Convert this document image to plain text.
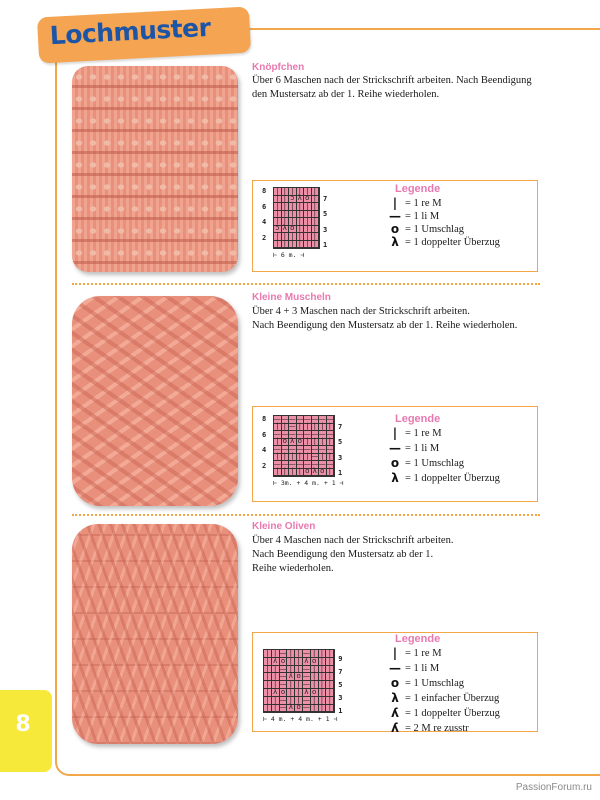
Lochmuster
8
Knöpfchen
Über 6 Maschen nach der Strickschrift arbeiten. Nach Beendigung
den Mustersatz ab der 1. Reihe wiederholen.
| | | | | |
| | ɔ λ o |
| | | | | |
| | | | | |
| | | | | |
ɔ λ o | | |
| | | | | |
| | | | | |
7
5
3
1
8
6
4
2
⊢ 6 m. ⊣
Legende
| = 1 re M
— = 1 li M
o = 1 Umschlag
λ = 1 doppelter Überzug
Kleine Muscheln
Über 4 + 3 Maschen nach der Strickschrift arbeiten.
Nach Beendigung den Mustersatz ab der 1. Reihe wiederholen.
— — — — — — — —
| | — | | | | |
— — — — — — — —
| o λ o | | | |
— — — — — — — —
| | | | | — | |
— — — — — — — —
| | | | o λ o |
7
5
3
1
8
6
4
2
⊢ 3m. + 4 m. + 1 ⊣
Legende
| = 1 re M
— = 1 li M
o = 1 Umschlag
λ = 1 doppelter Überzug
Kleine Oliven
Über 4 Maschen nach der Strickschrift arbeiten.
Nach Beendigung den Mustersatz ab der 1.
Reihe wiederholen.
| | — | | — | | |
| ʎ o | | ʎ o | |
| | — | | — | | |
| | — ʎ o — | | |
| | — | | — | | |
| λ o | | λ o | |
| | — | | — | | |
| | — λ o — | | |
9
7
5
3
1
⊢ 4 m. + 4 m. + 1 ⊣
Legende
| = 1 re M
— = 1 li M
o = 1 Umschlag
λ = 1 einfacher Überzug
ʎ = 1 doppelter Überzug
ʎ = 2 M re zusstr
PassionForum.ru
